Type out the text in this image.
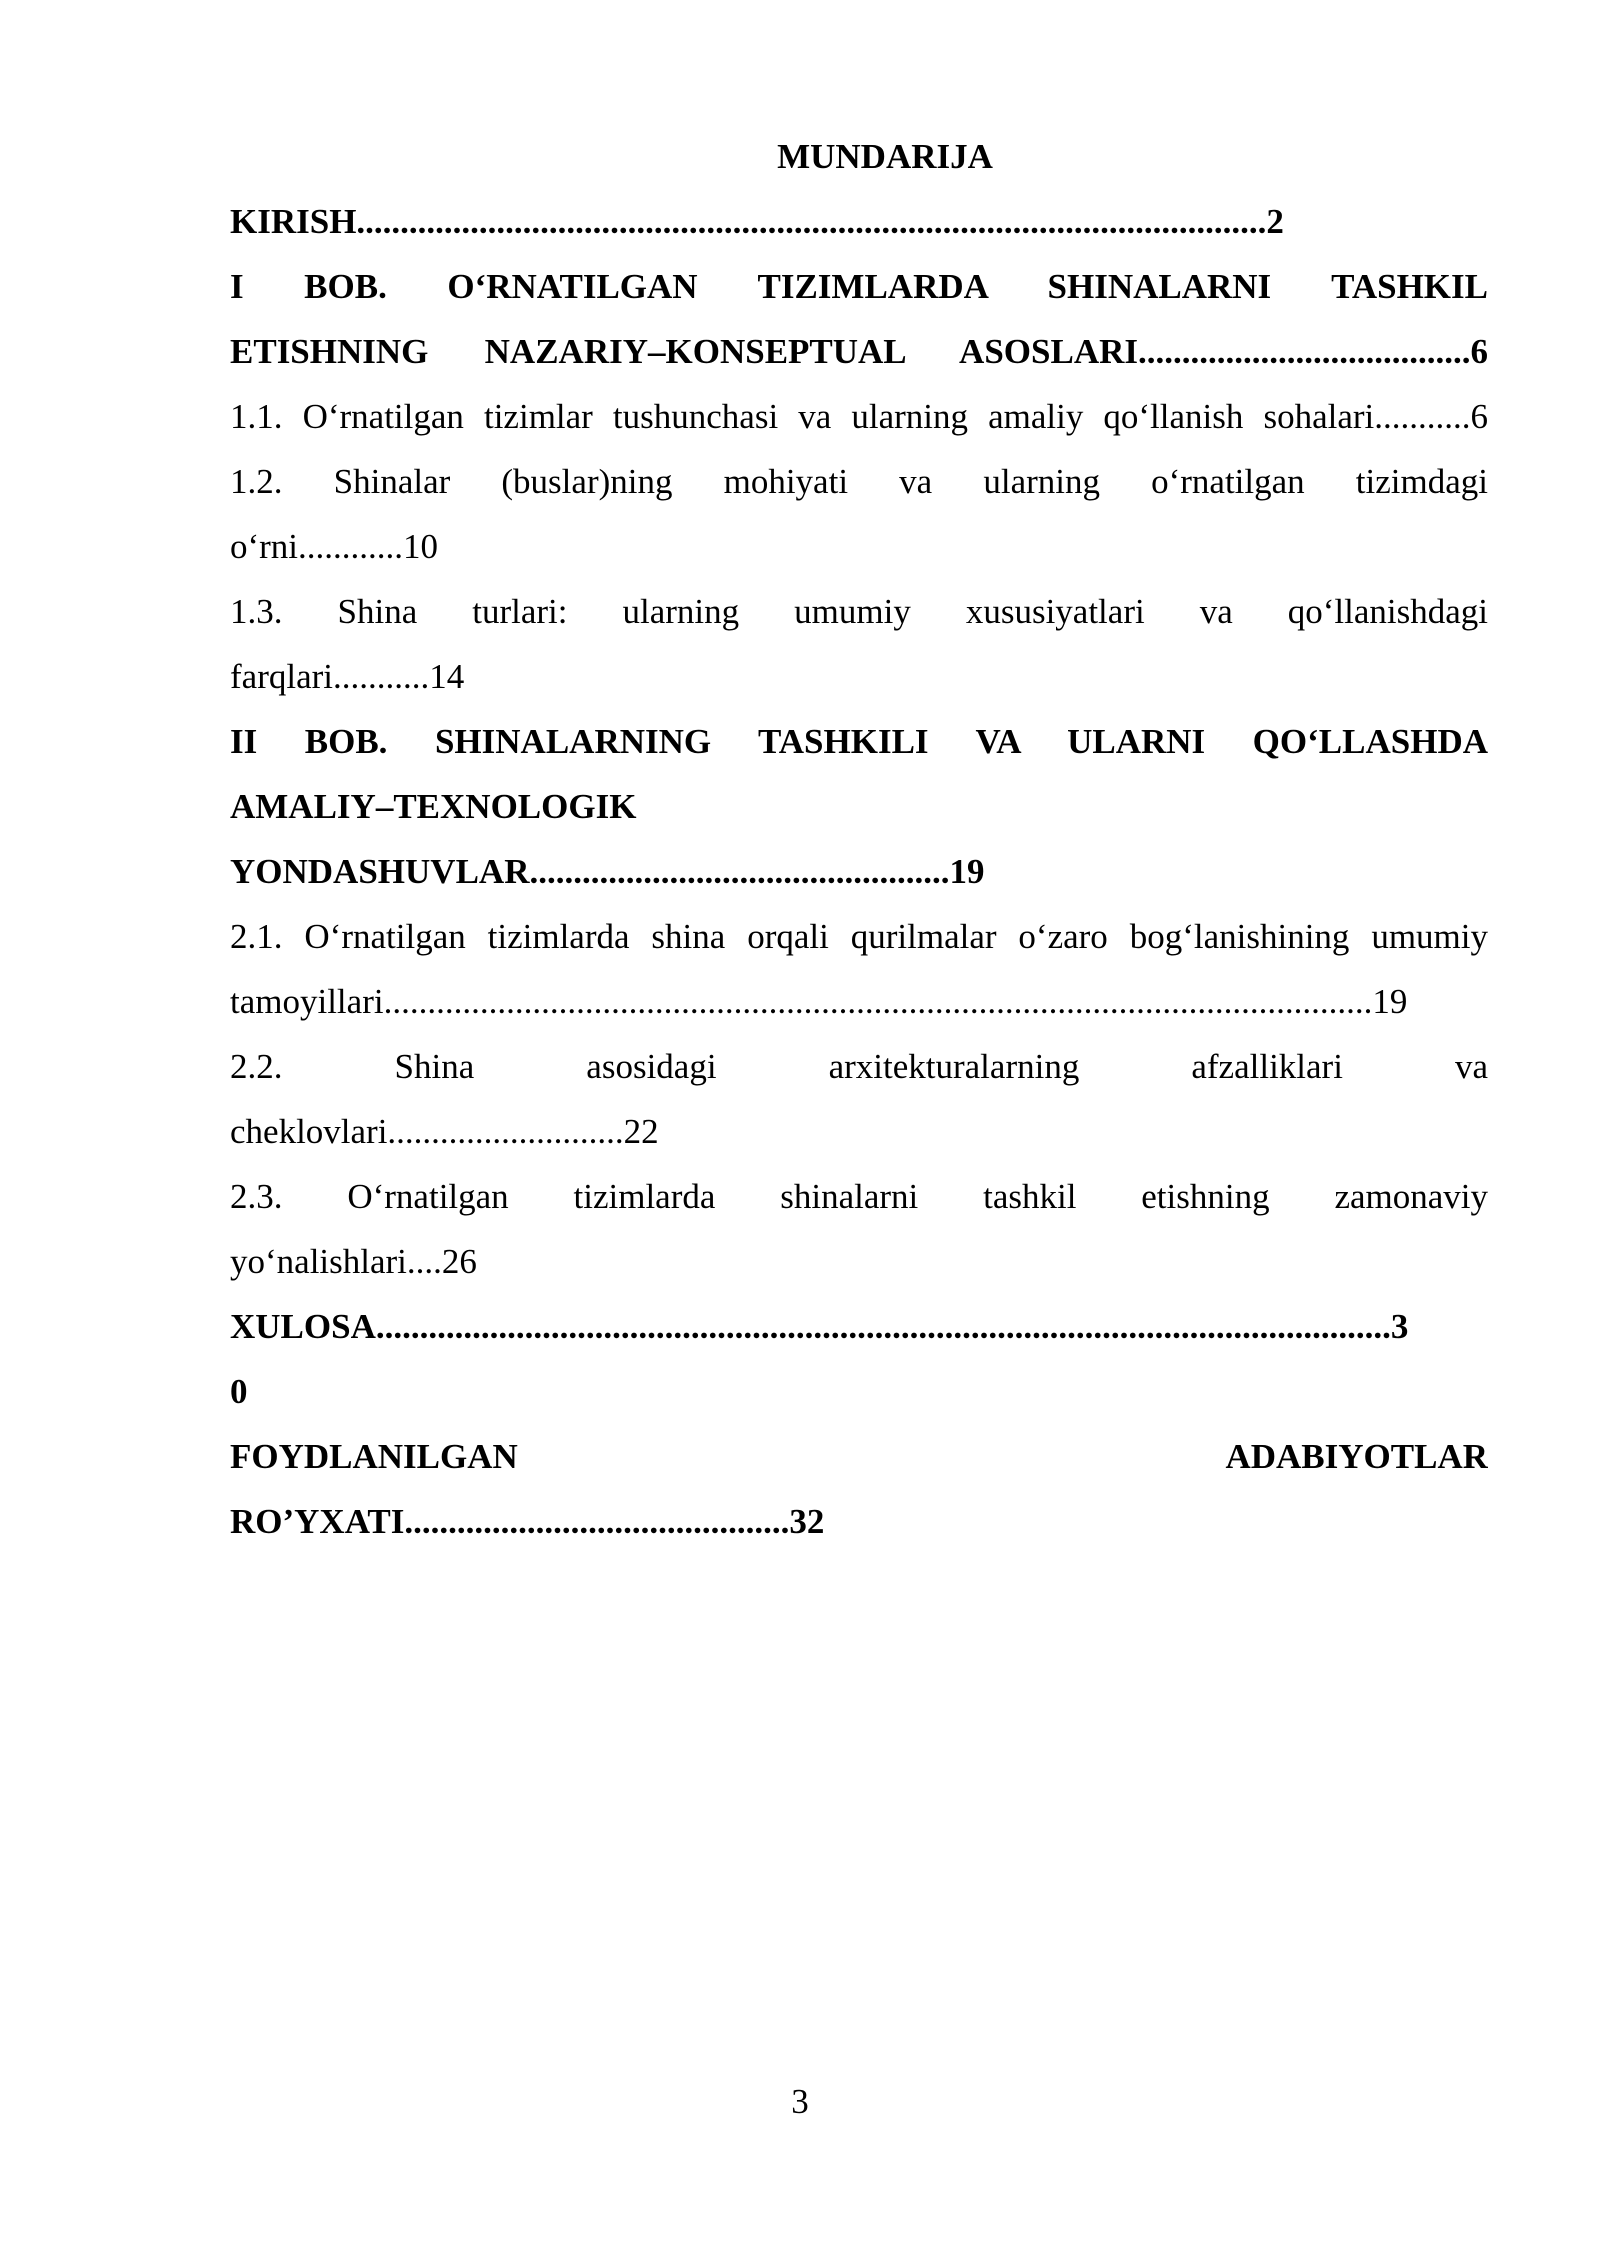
MUNDARIJA

KIRISH........................................................................................................2

I BOB. O‘RNATILGAN TIZIMLARDA SHINALARNI TASHKIL

ETISHNING NAZARIY–KONSEPTUAL ASOSLARI......................................6

1.1. O‘rnatilgan tizimlar tushunchasi va ularning amaliy qo‘llanish sohalari...........6

1.2. Shinalar (buslar)ning mohiyati va ularning o‘rnatilgan tizimdagi

o‘rni............10

1.3. Shina turlari: ularning umumiy xususiyatlari va qo‘llanishdagi

farqlari...........14

II BOB. SHINALARNING TASHKILI VA ULARNI QO‘LLASHDA

AMALIY–TEXNOLOGIK

YONDASHUVLAR................................................19

2.1. O‘rnatilgan tizimlarda shina orqali qurilmalar o‘zaro bog‘lanishining umumiy

tamoyillari.................................................................................................................19

2.2. Shina asosidagi arxitekturalarning afzalliklari va

cheklovlari...........................22

2.3. O‘rnatilgan tizimlarda shinalarni tashkil etishning zamonaviy

yo‘nalishlari....26

XULOSA....................................................................................................................3

0

FOYDLANILGAN ADABIYOTLAR

RO’YXATI............................................32

3
